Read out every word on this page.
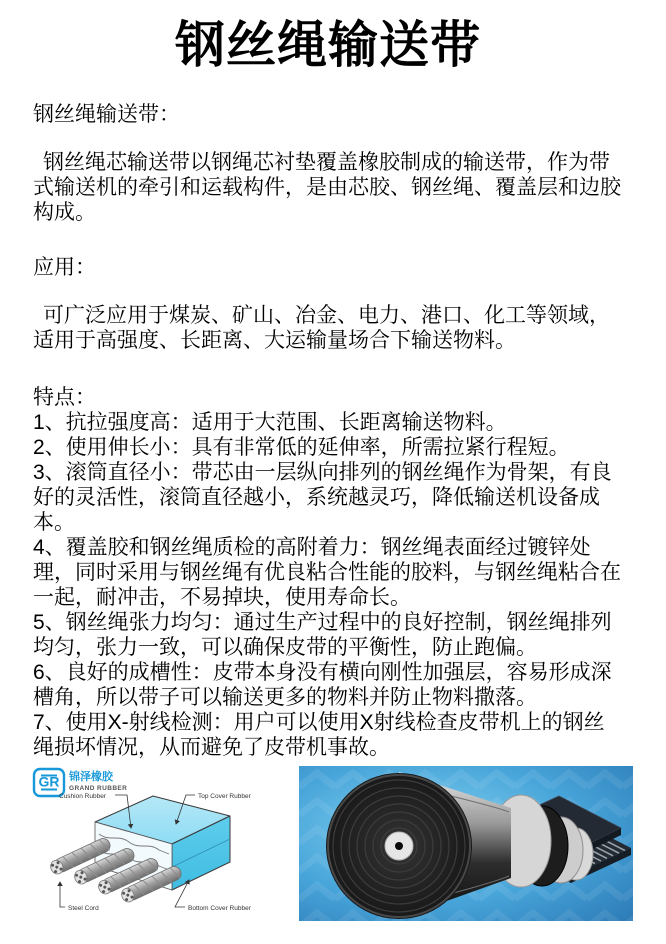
钢丝绳输送带

钢丝绳输送带：

钢丝绳芯输送带以钢绳芯衬垫覆盖橡胶制成的输送带，作为带式输送机的牵引和运载构件，是由芯胶、钢丝绳、覆盖层和边胶构成。

应用：

可广泛应用于煤炭、矿山、冶金、电力、港口、化工等领域，适用于高强度、长距离、大运输量场合下输送物料。

特点：

1、抗拉强度高：适用于大范围、长距离输送物料。

2、使用伸长小：具有非常低的延伸率，所需拉紧行程短。

3、滚筒直径小：带芯由一层纵向排列的钢丝绳作为骨架，有良好的灵活性，滚筒直径越小，系统越灵巧，降低输送机设备成本。

4、覆盖胶和钢丝绳质检的高附着力：钢丝绳表面经过镀锌处理，同时采用与钢丝绳有优良粘合性能的胶料，与钢丝绳粘合在一起，耐冲击，不易掉块，使用寿命长。

5、钢丝绳张力均匀：通过生产过程中的良好控制，钢丝绳排列均匀，张力一致，可以确保皮带的平衡性，防止跑偏。

6、良好的成槽性：皮带本身没有横向刚性加强层，容易形成深槽角，所以带子可以输送更多的物料并防止物料撒落。

7、使用X-射线检测：用户可以使用X射线检查皮带机上的钢丝绳损坏情况，从而避免了皮带机事故。

GR 锦泽橡胶
GRAND RUBBER
Cushion Rubber	Top Cover Rubber
Steel Cord	Bottom Cover Rubber
